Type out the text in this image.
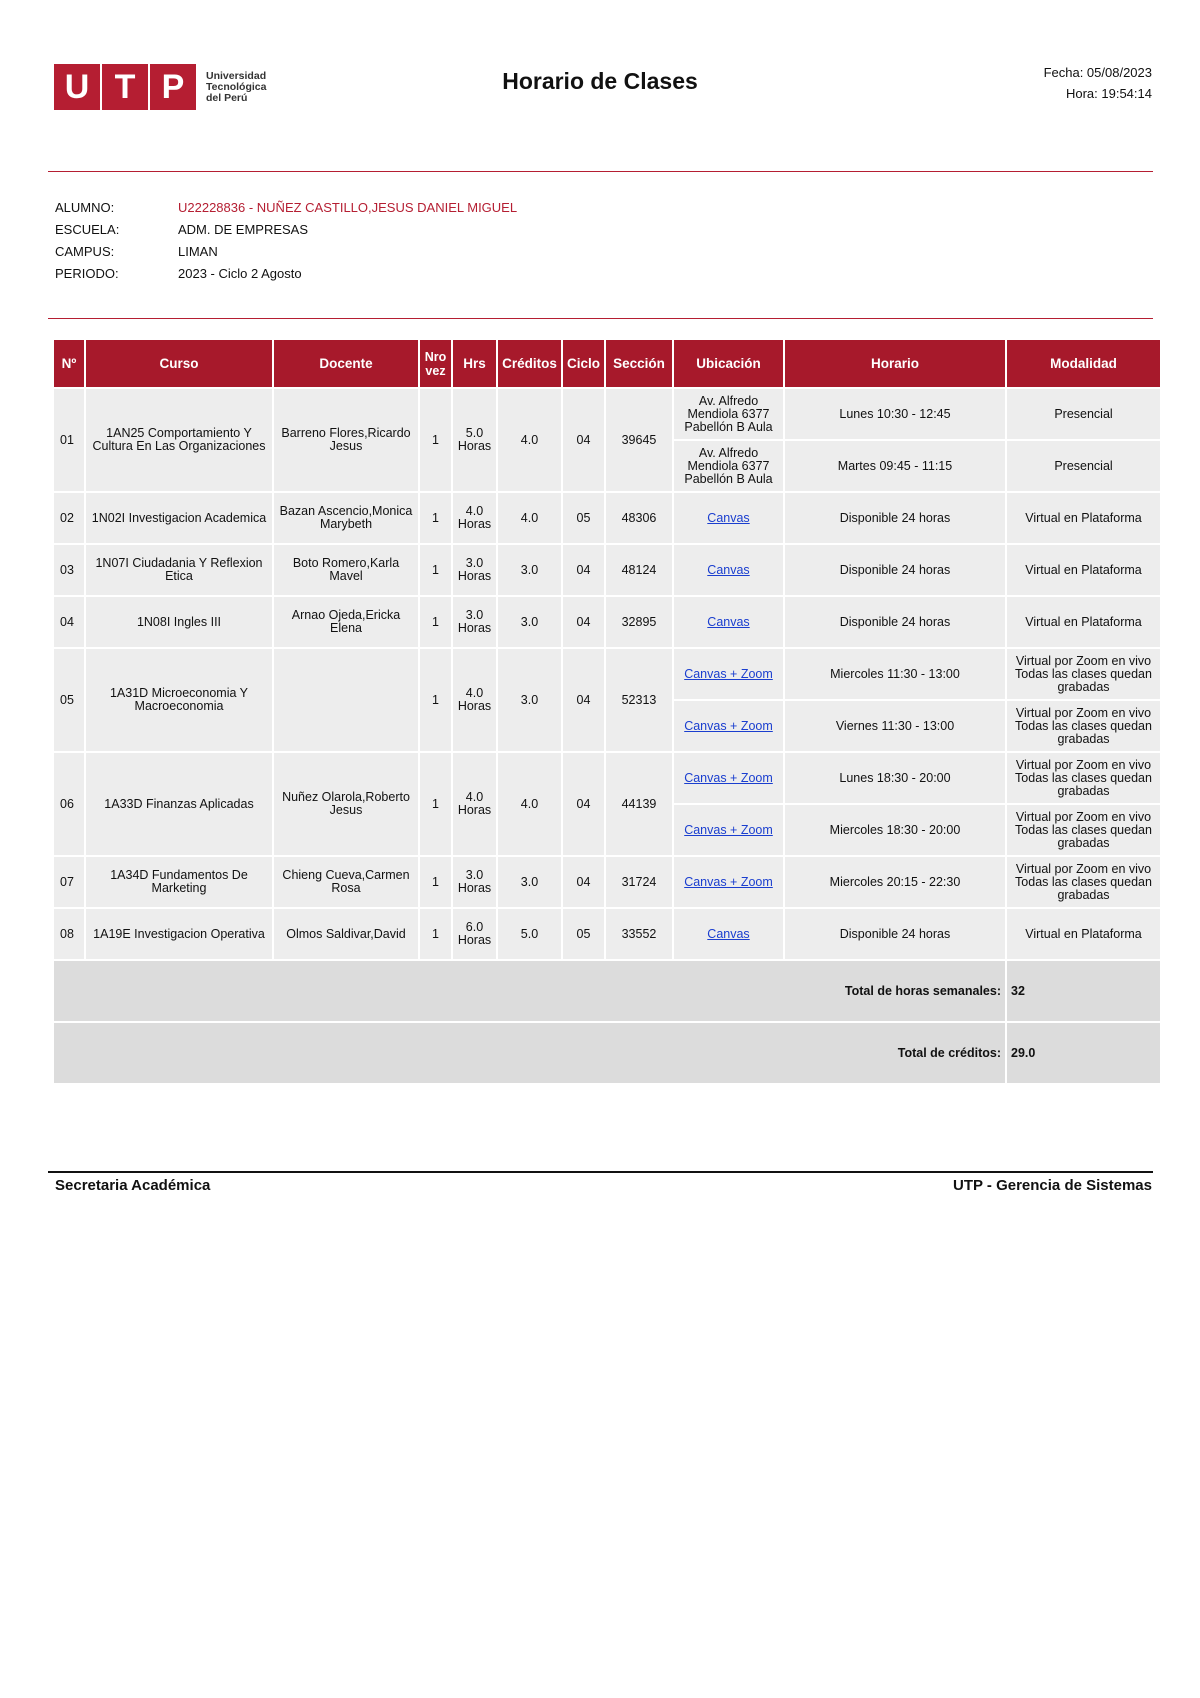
U T P	Universidad
Tecnológica
del Perú
Horario de Clases	Fecha: 05/08/2023
Hora: 19:54:14
ALUMNO:	U22228836 - NUÑEZ CASTILLO,JESUS DANIEL MIGUEL
ESCUELA:	ADM. DE EMPRESAS
CAMPUS:	LIMAN
PERIODO:	2023 - Ciclo 2 Agosto
Nº	Curso	Docente	Nro vez	Hrs	Créditos	Ciclo	Sección	Ubicación	Horario	Modalidad
01	1AN25 Comportamiento Y Cultura En Las Organizaciones	Barreno Flores,Ricardo Jesus	1	5.0 Horas	4.0	04	39645	Av. Alfredo Mendiola 6377 Pabellón B Aula	Lunes 10:30 - 12:45	Presencial
								Av. Alfredo Mendiola 6377 Pabellón B Aula	Martes 09:45 - 11:15	Presencial
02	1N02I Investigacion Academica	Bazan Ascencio,Monica Marybeth	1	4.0 Horas	4.0	05	48306	Canvas	Disponible 24 horas	Virtual en Plataforma
03	1N07I Ciudadania Y Reflexion Etica	Boto Romero,Karla Mavel	1	3.0 Horas	3.0	04	48124	Canvas	Disponible 24 horas	Virtual en Plataforma
04	1N08I Ingles III	Arnao Ojeda,Ericka Elena	1	3.0 Horas	3.0	04	32895	Canvas	Disponible 24 horas	Virtual en Plataforma
05	1A31D Microeconomia Y Macroeconomia		1	4.0 Horas	3.0	04	52313	Canvas + Zoom	Miercoles 11:30 - 13:00	Virtual por Zoom en vivo Todas las clases quedan grabadas
								Canvas + Zoom	Viernes 11:30 - 13:00	Virtual por Zoom en vivo Todas las clases quedan grabadas
06	1A33D Finanzas Aplicadas	Nuñez Olarola,Roberto Jesus	1	4.0 Horas	4.0	04	44139	Canvas + Zoom	Lunes 18:30 - 20:00	Virtual por Zoom en vivo Todas las clases quedan grabadas
								Canvas + Zoom	Miercoles 18:30 - 20:00	Virtual por Zoom en vivo Todas las clases quedan grabadas
07	1A34D Fundamentos De Marketing	Chieng Cueva,Carmen Rosa	1	3.0 Horas	3.0	04	31724	Canvas + Zoom	Miercoles 20:15 - 22:30	Virtual por Zoom en vivo Todas las clases quedan grabadas
08	1A19E Investigacion Operativa	Olmos Saldivar,David	1	6.0 Horas	5.0	05	33552	Canvas	Disponible 24 horas	Virtual en Plataforma
Total de horas semanales:										32
Total de créditos:										29.0
Secretaria Académica	UTP - Gerencia de Sistemas
